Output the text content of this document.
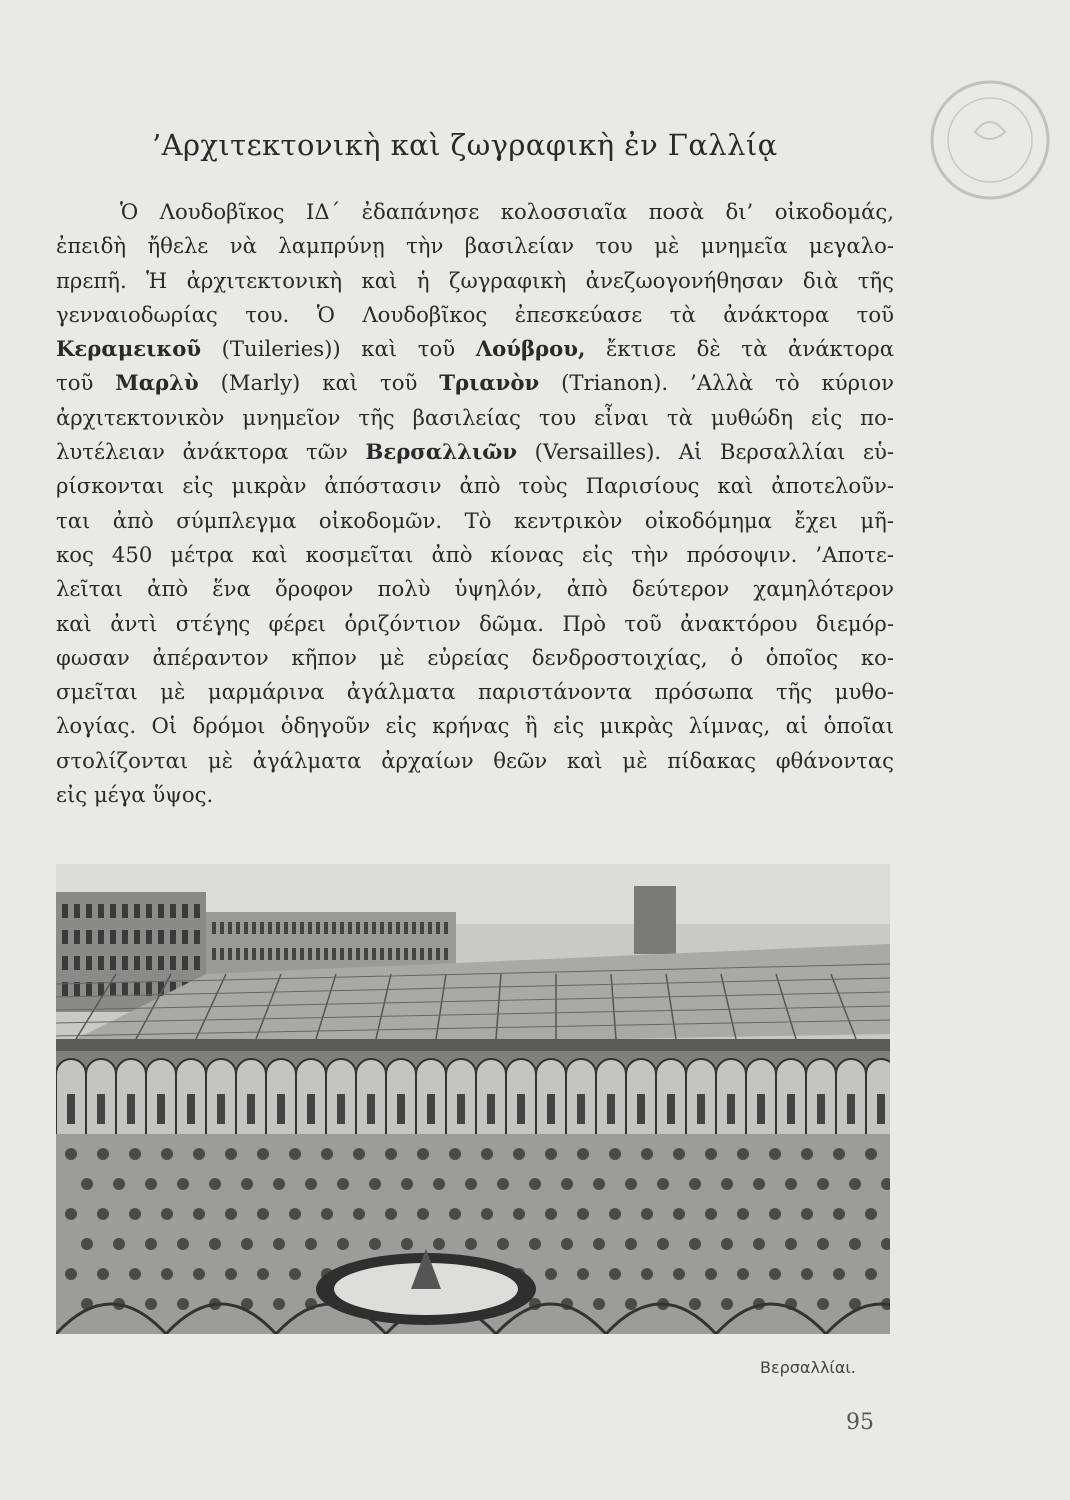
’Αρχιτεκτονικὴ καὶ ζωγραφικὴ ἐν Γαλλίᾳ
Ὁ Λουδοβῖκος ΙΔ΄ ἐδαπάνησε κολοσσιαῖα ποσὰ δι’ οἰκοδομάς,
ἐπειδὴ ἤθελε νὰ λαμπρύνῃ τὴν βασιλείαν του μὲ μνημεῖα μεγαλο-
πρεπῆ. Ἡ ἀρχιτεκτονικὴ καὶ ἡ ζωγραφικὴ ἀνεζωογονήθησαν διὰ τῆς
γενναιοδωρίας του. Ὁ Λουδοβῖκος ἐπεσκεύασε τὰ ἀνάκτορα τοῦ
Κεραμεικοῦ (Tuileries)) καὶ τοῦ Λούβρου, ἔκτισε δὲ τὰ ἀνάκτορα
τοῦ Μαρλὺ (Marly) καὶ τοῦ Τριανὸν (Trianon). ’Αλλὰ τὸ κύριον
ἀρχιτεκτονικὸν μνημεῖον τῆς βασιλείας του εἶναι τὰ μυθώδη εἰς πο-
λυτέλειαν ἀνάκτορα τῶν Βερσαλλιῶν (Versailles). Αἱ Βερσαλλίαι εὑ-
ρίσκονται εἰς μικρὰν ἀπόστασιν ἀπὸ τοὺς Παρισίους καὶ ἀποτελοῦν-
ται ἀπὸ σύμπλεγμα οἰκοδομῶν. Τὸ κεντρικὸν οἰκοδόμημα ἔχει μῆ-
κος 450 μέτρα καὶ κοσμεῖται ἀπὸ κίονας εἰς τὴν πρόσοψιν. ’Αποτε-
λεῖται ἀπὸ ἕνα ὄροφον πολὺ ὑψηλόν, ἀπὸ δεύτερον χαμηλότερον
καὶ ἀντὶ στέγης φέρει ὁριζόντιον δῶμα. Πρὸ τοῦ ἀνακτόρου διεμόρ-
φωσαν ἀπέραντον κῆπον μὲ εὐρείας δενδροστοιχίας, ὁ ὁποῖος κο-
σμεῖται μὲ μαρμάρινα ἀγάλματα παριστάνοντα πρόσωπα τῆς μυθο-
λογίας. Οἱ δρόμοι ὁδηγοῦν εἰς κρήνας ἢ εἰς μικρὰς λίμνας, αἱ ὁποῖαι
στολίζονται μὲ ἀγάλματα ἀρχαίων θεῶν καὶ μὲ πίδακας φθάνοντας
εἰς μέγα ὕψος.
Βερσαλλίαι.
95
